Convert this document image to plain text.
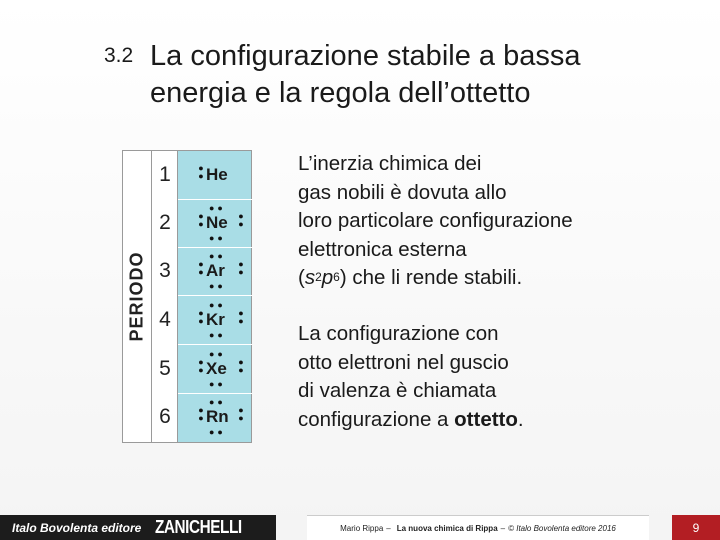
3.2 La configurazione stabile a bassa
energia e la regola dell’ottetto
PERIODO
1
2
3
4
5
6
●
● He
●●
●
● Ne ●
●
●●
●●
●
● Ar ●
●
●●
●●
●
● Kr ●
●
●●
●●
●
● Xe ●
●
●●
●●
●
● Rn ●
●
●●
L’inerzia chimica dei
gas nobili è dovuta allo
loro particolare configurazione
elettronica esterna
$(s^2p^6)$ che li rende stabili.
La configurazione con
otto elettroni nel guscio
di valenza è chiamata
configurazione a ottetto.
Italo Bovolenta editore ZANICHELLI	Mario Rippa – La nuova chimica di Rippa – © Italo Bovolenta editore 2016	9
